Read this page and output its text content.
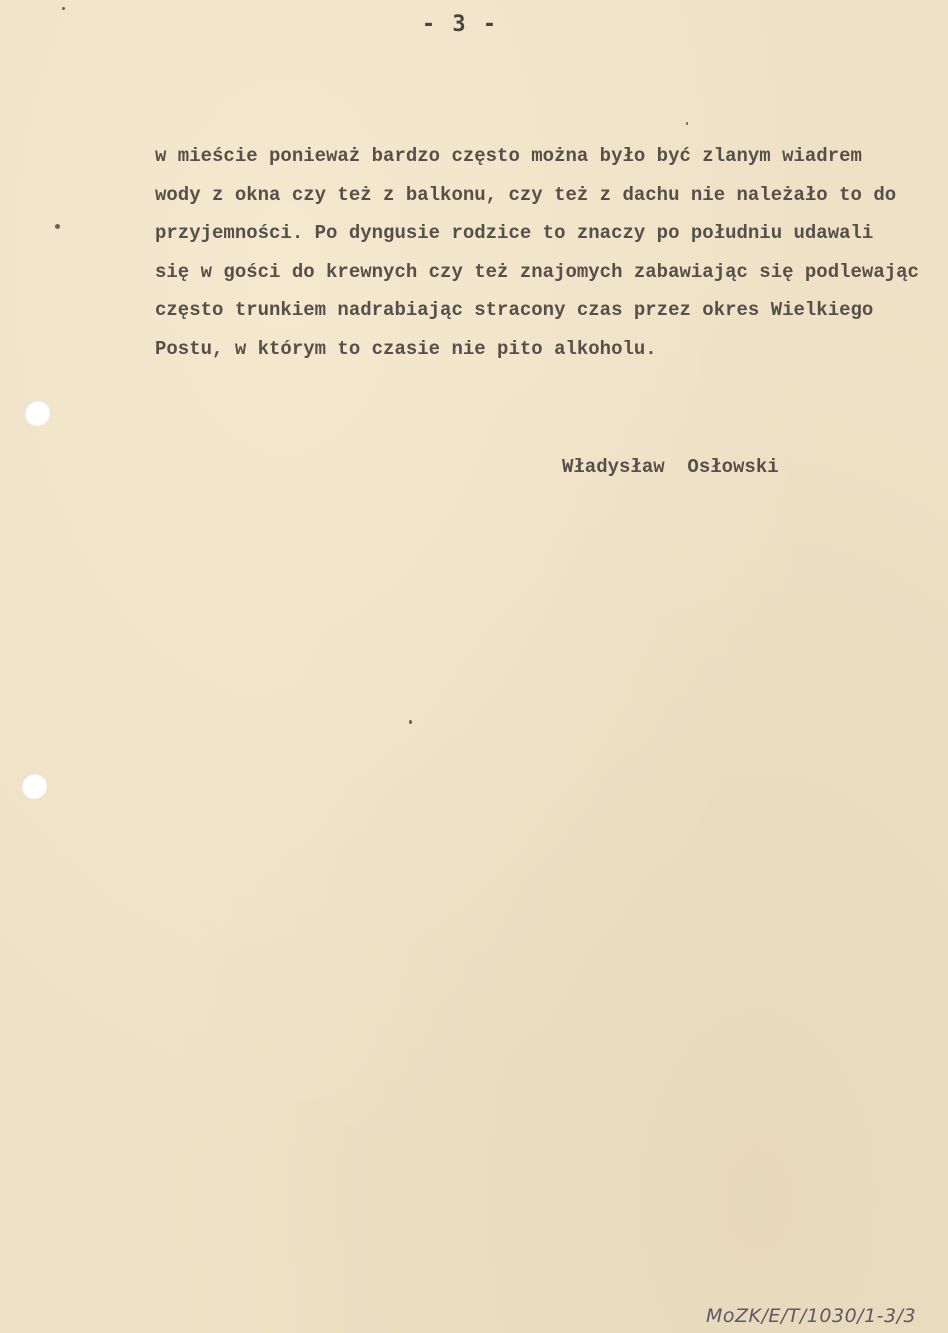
- 3 -
w mieście ponieważ bardzo często można było być zlanym wiadrem
wody z okna czy też z balkonu, czy też z dachu nie należało to do
przyjemności. Po dyngusie rodzice to znaczy po południu udawali
się w gości do krewnych czy też znajomych zabawiając się podlewając
często trunkiem nadrabiając stracony czas przez okres Wielkiego
Postu, w którym to czasie nie pito alkoholu.
Władysław  Osłowski
MoZK/E/T/1030/1-3/3
